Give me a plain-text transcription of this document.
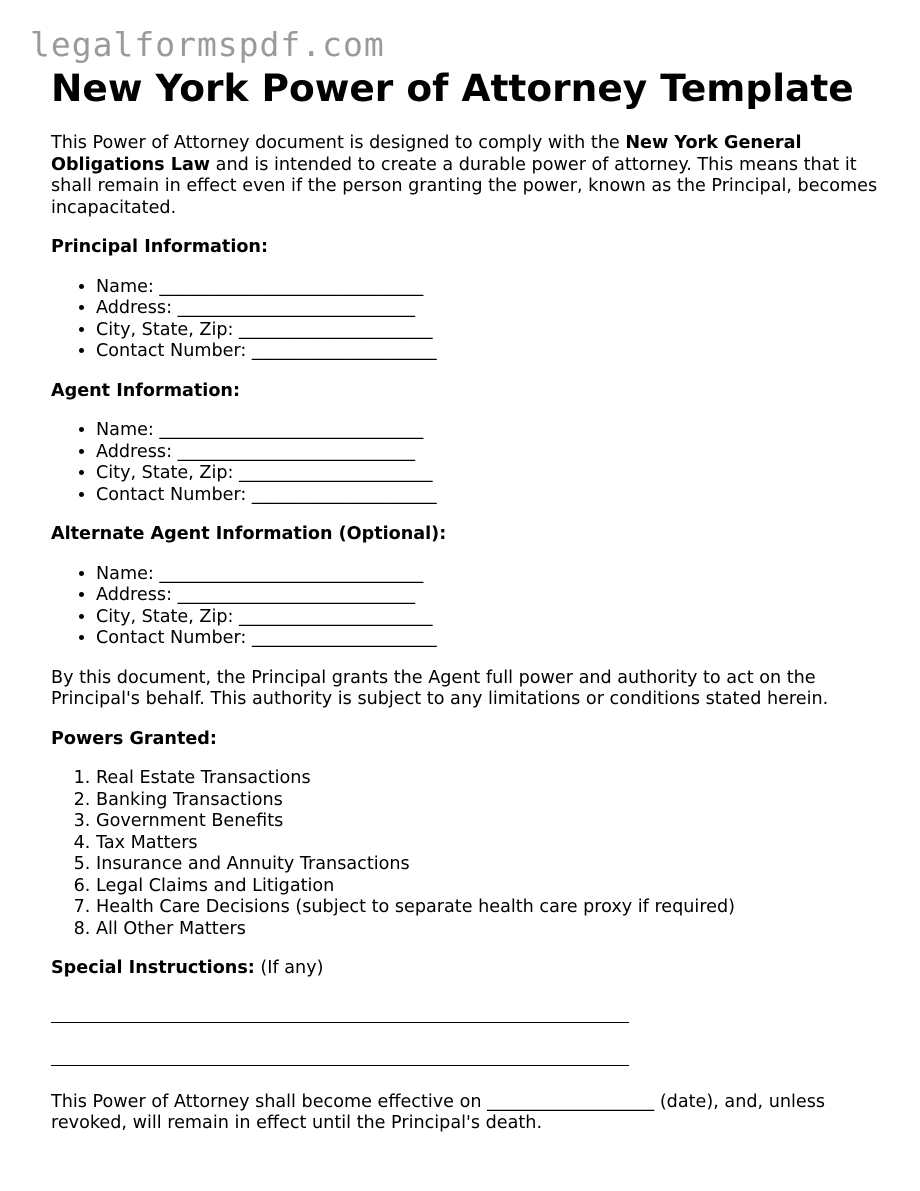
legalformspdf.com
New York Power of Attorney Template

This Power of Attorney document is designed to comply with the New York General Obligations Law and is intended to create a durable power of attorney. This means that it shall remain in effect even if the person granting the power, known as the Principal, becomes incapacitated.

Principal Information:

• Name: ______________________________
• Address: ___________________________
• City, State, Zip: ______________________
• Contact Number: _____________________

Agent Information:

• Name: ______________________________
• Address: ___________________________
• City, State, Zip: ______________________
• Contact Number: _____________________

Alternate Agent Information (Optional):

• Name: ______________________________
• Address: ___________________________
• City, State, Zip: ______________________
• Contact Number: _____________________

By this document, the Principal grants the Agent full power and authority to act on the Principal's behalf. This authority is subject to any limitations or conditions stated herein.

Powers Granted:

1. Real Estate Transactions
2. Banking Transactions
3. Government Benefits
4. Tax Matters
5. Insurance and Annuity Transactions
6. Legal Claims and Litigation
7. Health Care Decisions (subject to separate health care proxy if required)
8. All Other Matters

Special Instructions: (If any)

This Power of Attorney shall become effective on ___________________ (date), and, unless revoked, will remain in effect until the Principal's death.
